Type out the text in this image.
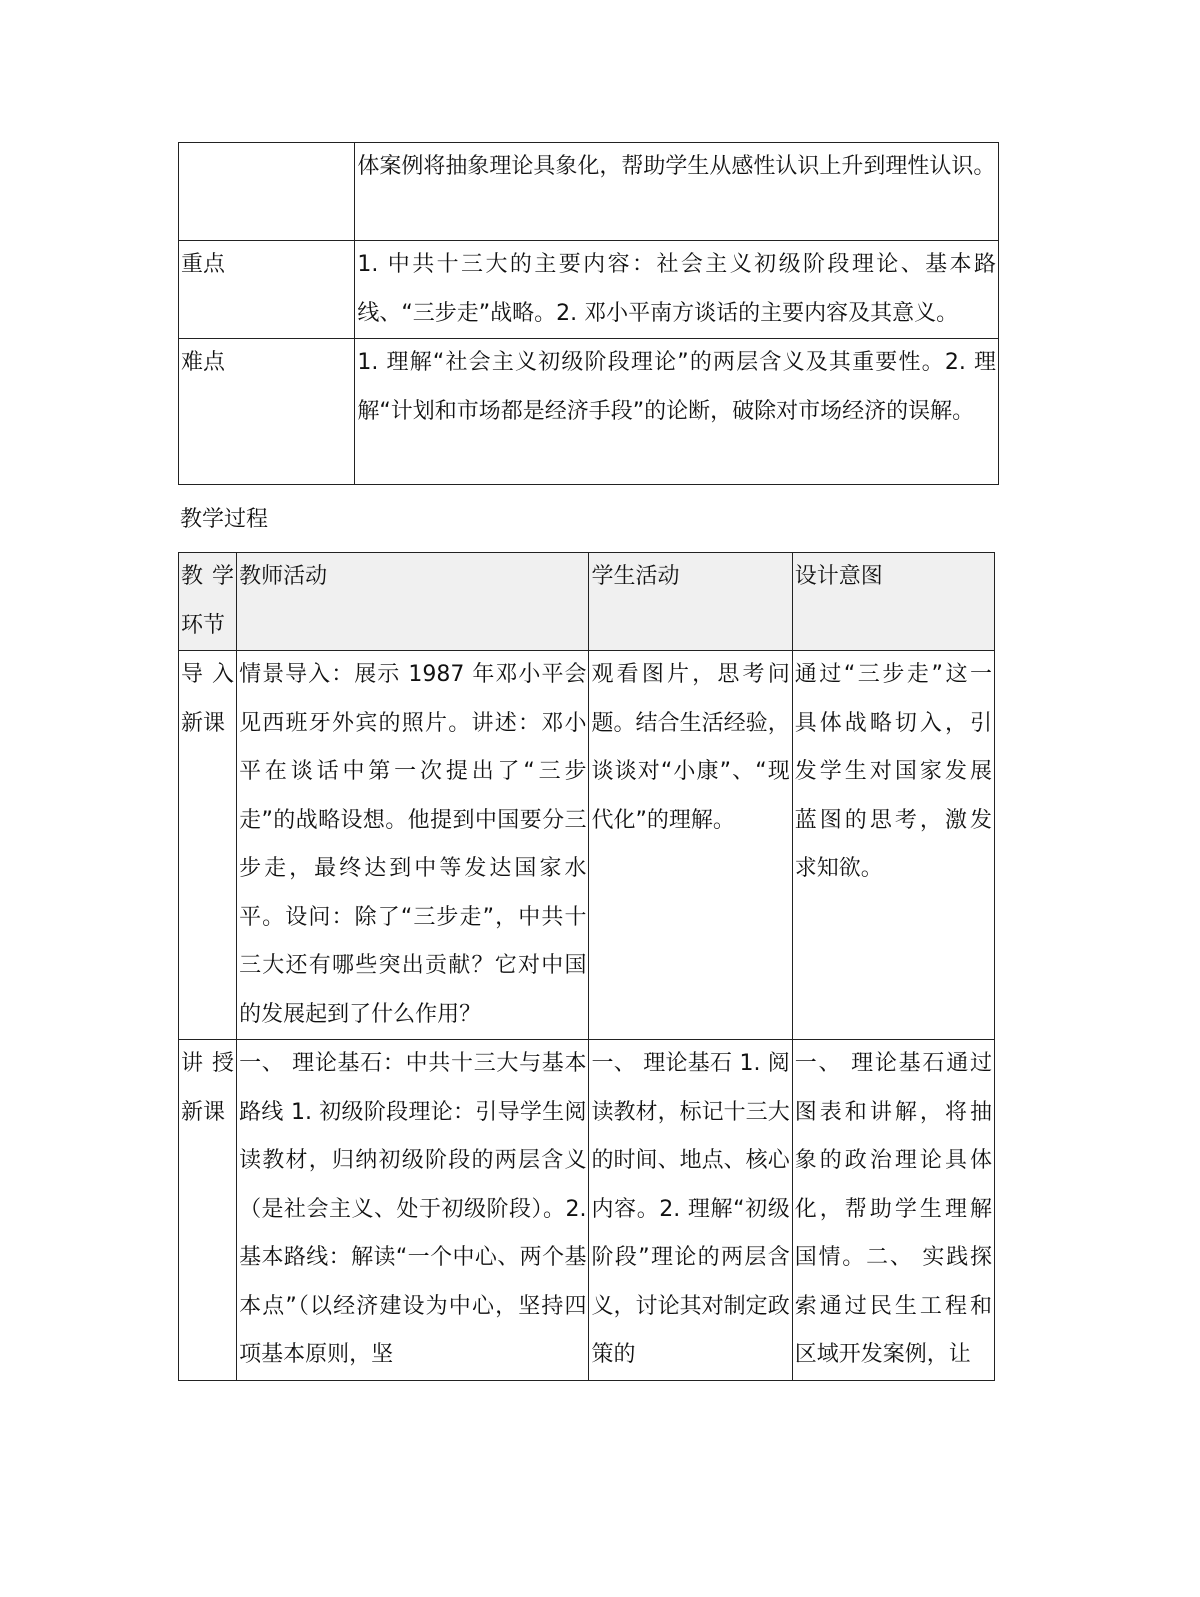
	体案例将抽象理论具象化，帮助学生从感性认识上升到理性认识。

重点	1. 中共十三大的主要内容：社会主义初级阶段理论、基本路线、“三步走”战略。2. 邓小平南方谈话的主要内容及其意义。

难点	1. 理解“社会主义初级阶段理论”的两层含义及其重要性。2. 理解“计划和市场都是经济手段”的论断，破除对市场经济的误解。

教学过程

教学环节	教师活动	学生活动	设计意图

导入新课	情景导入：展示 1987 年邓小平会见西班牙外宾的照片。讲述：邓小平在谈话中第一次提出了“三步走”的战略设想。他提到中国要分三步走，最终达到中等发达国家水平。设问：除了“三步走”，中共十三大还有哪些突出贡献？它对中国的发展起到了什么作用？	观看图片，思考问题。结合生活经验，谈谈对“小康”、“现代化”的理解。	通过“三步走”这一具体战略切入，引发学生对国家发展蓝图的思考，激发求知欲。

讲授新课	一、 理论基石：中共十三大与基本路线 1. 初级阶段理论：引导学生阅读教材，归纳初级阶段的两层含义（是社会主义、处于初级阶段）。2. 基本路线：解读“一个中心、两个基本点”（以经济建设为中心，坚持四项基本原则，坚	一、 理论基石 1. 阅读教材，标记十三大的时间、地点、核心内容。2. 理解“初级阶段”理论的两层含义，讨论其对制定政策的	一、 理论基石通过图表和讲解，将抽象的政治理论具体化，帮助学生理解国情。二、 实践探索通过民生工程和区域开发案例，让
